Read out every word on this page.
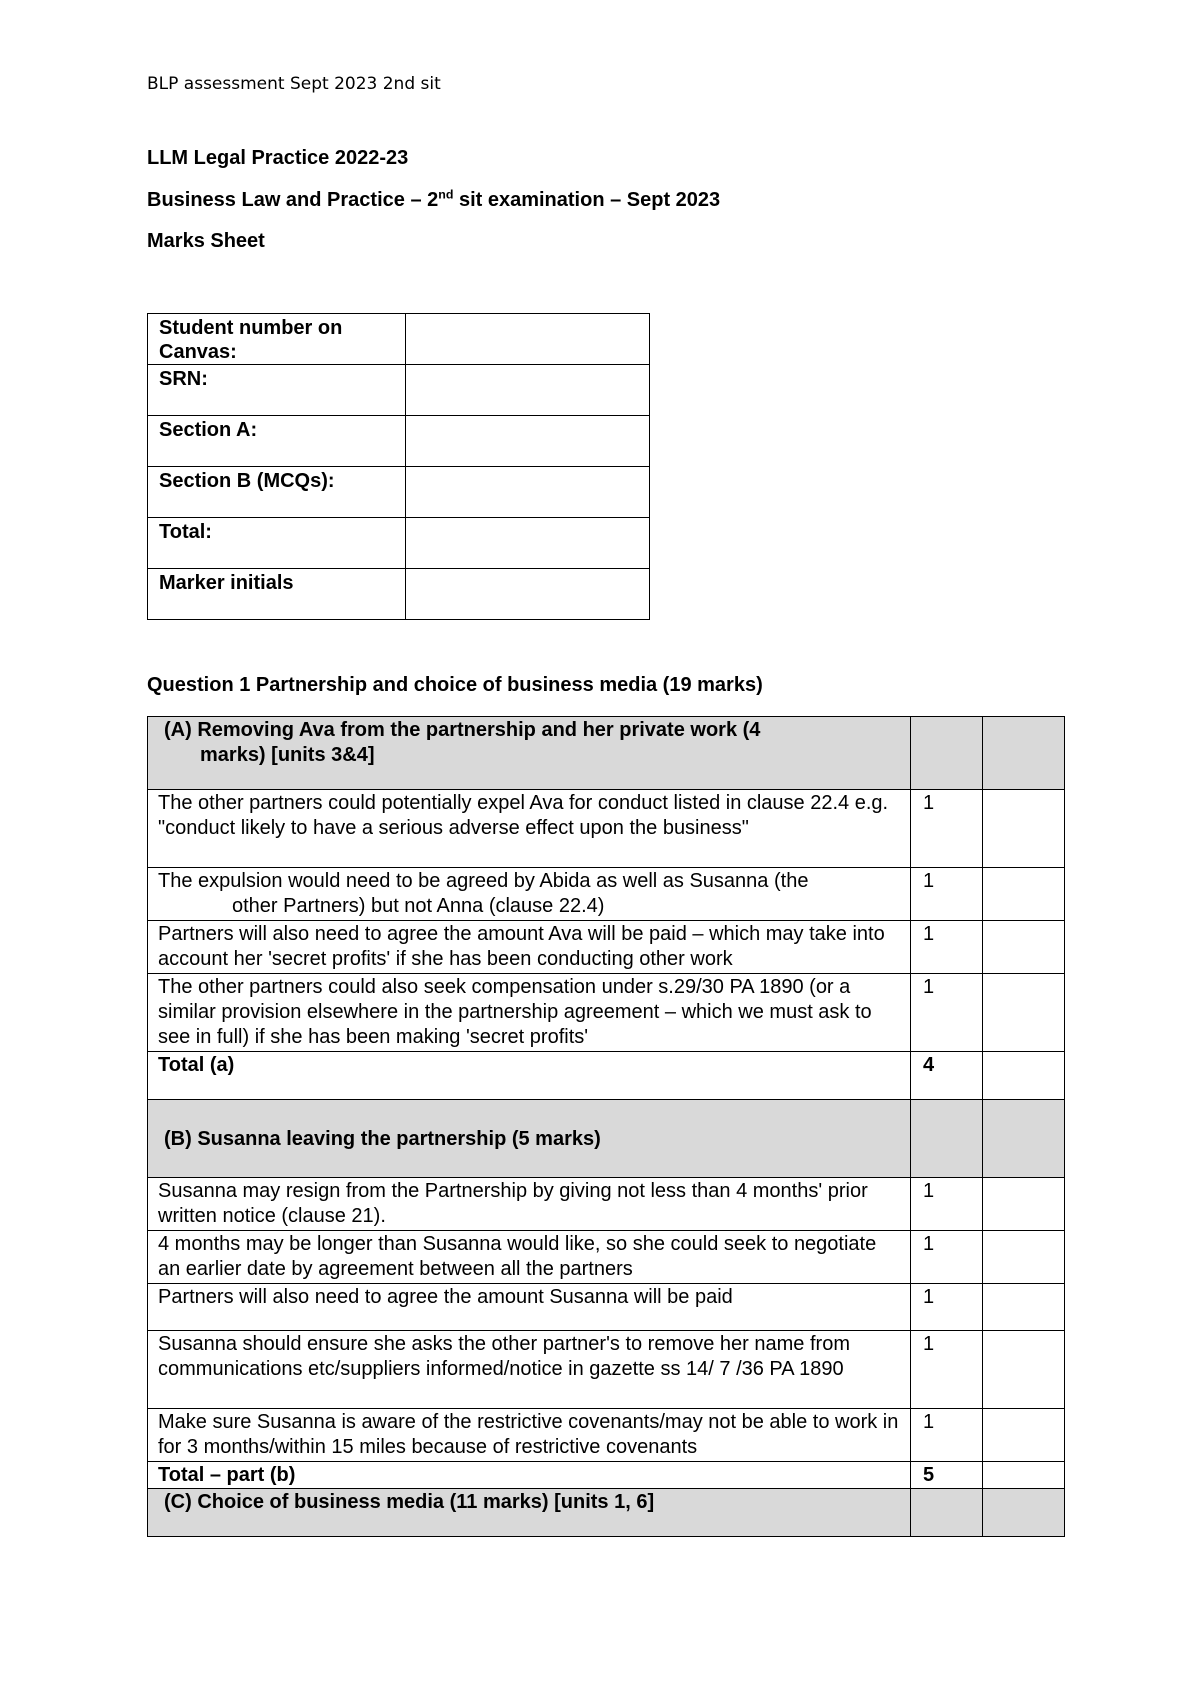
BLP assessment Sept 2023 2nd sit
LLM Legal Practice 2022-23
Business Law and Practice – 2nd sit examination – Sept 2023
Marks Sheet
Student number on Canvas:	
SRN:	
Section A:	
Section B (MCQs):	
Total:	
Marker initials	
Question 1 Partnership and choice of business media (19 marks)
(A) Removing Ava from the partnership and her private work (4
marks) [units 3&4]		

The other partners could potentially expel Ava for conduct listed in clause 22.4 e.g. "conduct likely to have a serious adverse effect upon the business"	1	
The expulsion would need to be agreed by Abida as well as Susanna (the
other Partners) but not Anna (clause 22.4)	1	
Partners will also need to agree the amount Ava will be paid – which may take into account her 'secret profits' if she has been conducting other work	1	
The other partners could also seek compensation under s.29/30 PA 1890 (or a similar provision elsewhere in the partnership agreement – which we must ask to see in full) if she has been making 'secret profits'	1	
Total (a)	4	
(B) Susanna leaving the partnership (5 marks)		
Susanna may resign from the Partnership by giving not less than 4 months' prior written notice (clause 21).	1	
4 months may be longer than Susanna would like, so she could seek to negotiate an earlier date by agreement between all the partners	1	
Partners will also need to agree the amount Susanna will be paid	1	
Susanna should ensure she asks the other partner's to remove her name from communications etc/suppliers informed/notice in gazette ss 14/ 7 /36 PA 1890	1	
Make sure Susanna is aware of the restrictive covenants/may not be able to work in for 3 months/within 15 miles because of restrictive covenants	1	
Total – part (b)	5	
(C) Choice of business media (11 marks) [units 1, 6]		
